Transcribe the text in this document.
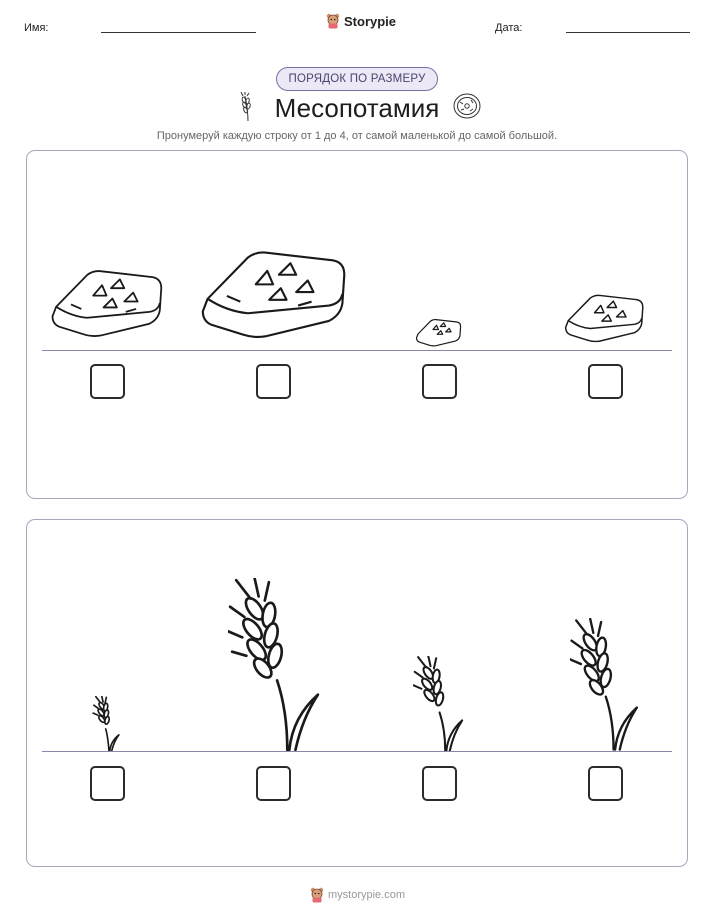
Имя:	Storypie	Дата:
ПОРЯДОК ПО РАЗМЕРУ
Месопотамия
Пронумеруй каждую строку от 1 до 4, от самой маленькой до самой большой.
mystorypie.com
